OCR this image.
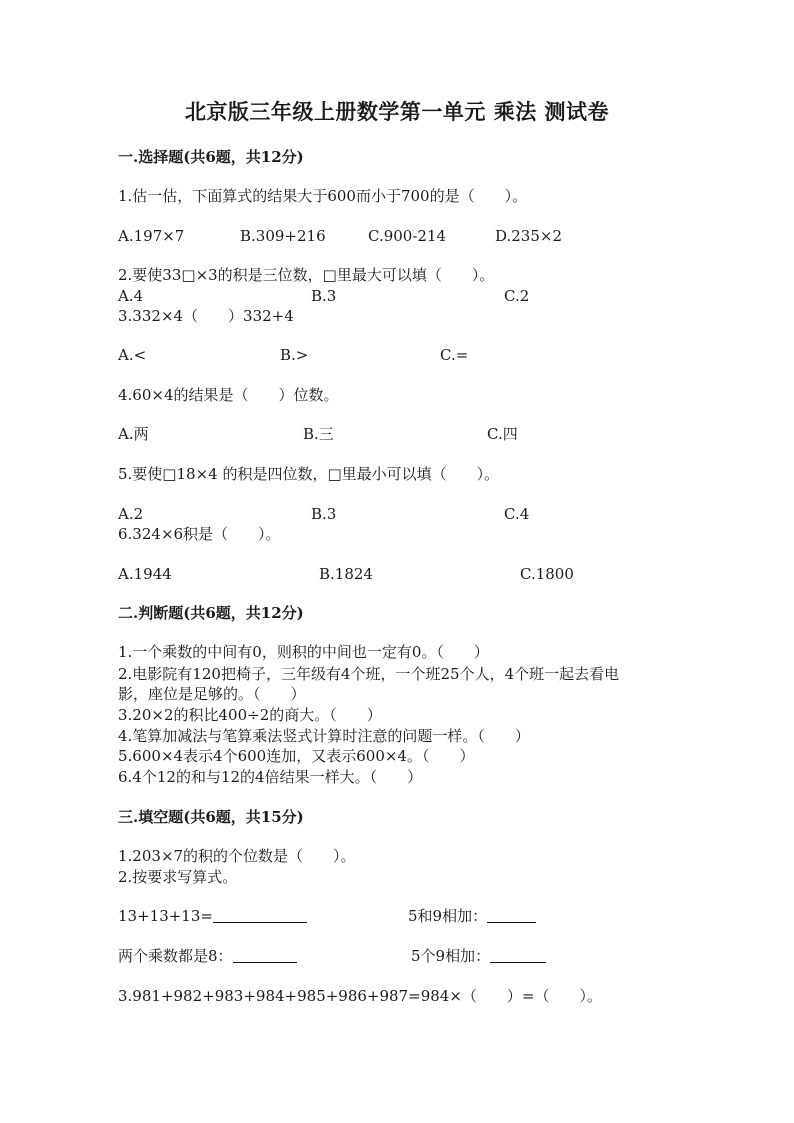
北京版三年级上册数学第一单元 乘法 测试卷
一.选择题(共6题，共12分)
1.估一估，下面算式的结果大于600而小于700的是（　　）。
A.197×7	B.309+216	C.900-214	D.235×2
2.要使33□×3的积是三位数，□里最大可以填（　　）。
A.4	B.3	C.2
3.332×4（　　）332+4
A.<	B.>	C.=
4.60×4的结果是（　　）位数。
A.两	B.三	C.四
5.要使□18×4 的积是四位数，□里最小可以填（　　）。
A.2	B.3	C.4
6.324×6积是（　　）。
A.1944	B.1824	C.1800
二.判断题(共6题，共12分)
1.一个乘数的中间有0，则积的中间也一定有0。（　　）
2.电影院有120把椅子，三年级有4个班，一个班25个人，4个班一起去看电
影，座位是足够的。（　　）
3.20×2的积比400÷2的商大。（　　）
4.笔算加减法与笔算乘法竖式计算时注意的问题一样。（　　）
5.600×4表示4个600连加，又表示600×4。（　　）
6.4个12的和与12的4倍结果一样大。（　　）
三.填空题(共6题，共15分)
1.203×7的积的个位数是（　　）。
2.按要求写算式。
13+13+13=	5和9相加：
两个乘数都是8：	5个9相加：
3.981+982+983+984+985+986+987=984×（　　）=（　　）。
